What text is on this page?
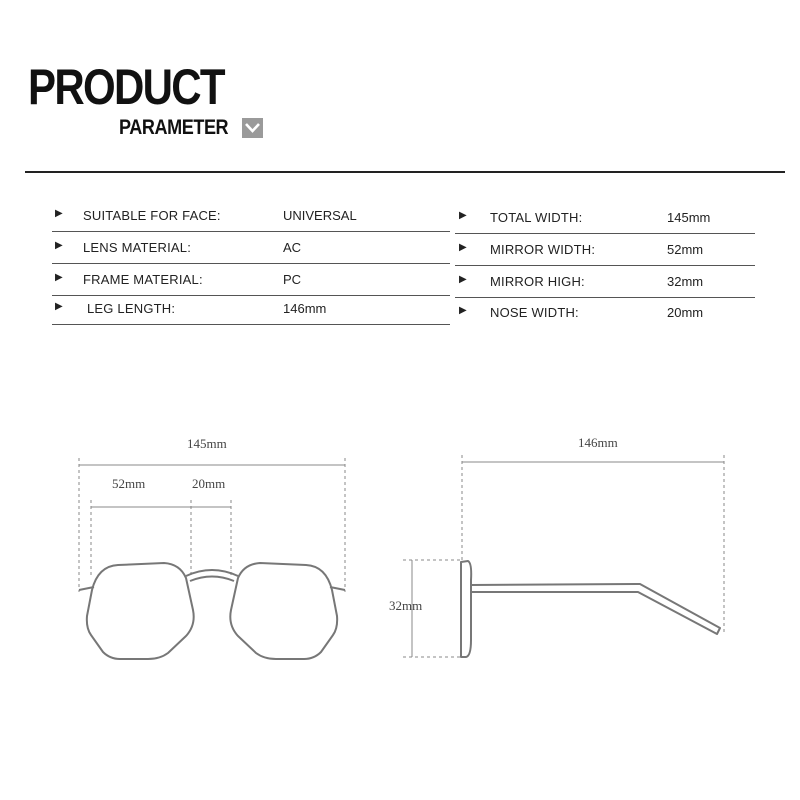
PRODUCT
PARAMETER
▶ SUITABLE FOR FACE:	UNIVERSAL
▶ LENS MATERIAL:	AC
▶ FRAME MATERIAL:	PC
▶ LEG LENGTH:	146mm
▶ TOTAL WIDTH:	145mm
▶ MIRROR WIDTH:	52mm
▶ MIRROR HIGH:	32mm
▶ NOSE WIDTH:	20mm
145mm
52mm	20mm
146mm
32mm
